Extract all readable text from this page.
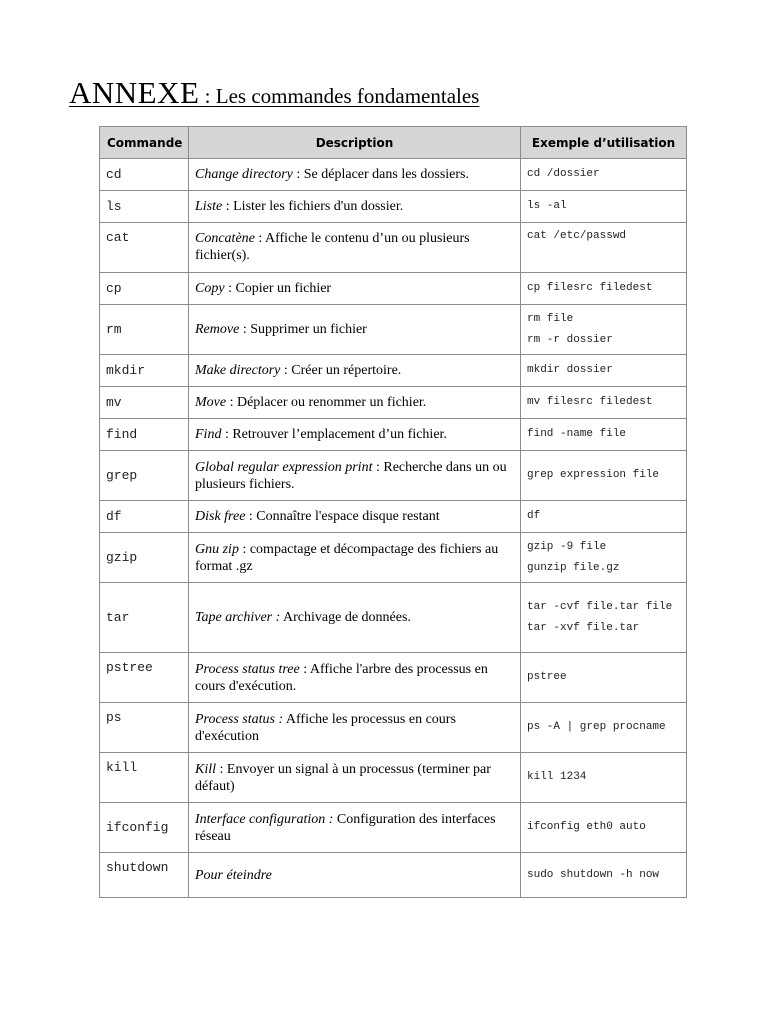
ANNEXE : Les commandes fondamentales
Commande	Description	Exemple d’utilisation
cd	Change directory : Se déplacer dans les dossiers.	cd /dossier

ls	Liste : Lister les fichiers d'un dossier.	ls -al

cat	Concatène : Affiche le contenu d’un ou plusieurs fichier(s).	cat /etc/passwd

cp	Copy : Copier un fichier	cp filesrc filedest

rm	Remove : Supprimer un fichier	rm file
rm -r dossier

mkdir	Make directory : Créer un répertoire.	mkdir dossier

mv	Move : Déplacer ou renommer un fichier.	mv filesrc filedest

find	Find : Retrouver l’emplacement d’un fichier.	find -name file

grep	Global regular expression print : Recherche dans un ou plusieurs fichiers.	grep expression file

df	Disk free : Connaître l'espace disque restant	df

gzip	Gnu zip : compactage et décompactage des fichiers au format .gz	gzip -9 file
gunzip file.gz

tar	Tape archiver : Archivage de données.	tar -cvf file.tar file
tar -xvf file.tar

pstree	Process status tree : Affiche l'arbre des processus en cours d'exécution.	pstree

ps	Process status : Affiche les processus en cours d'exécution	ps -A | grep procname

kill	Kill : Envoyer un signal à un processus (terminer par défaut)	kill 1234

ifconfig	Interface configuration : Configuration des interfaces réseau	ifconfig eth0 auto

shutdown	Pour éteindre	sudo shutdown -h now
